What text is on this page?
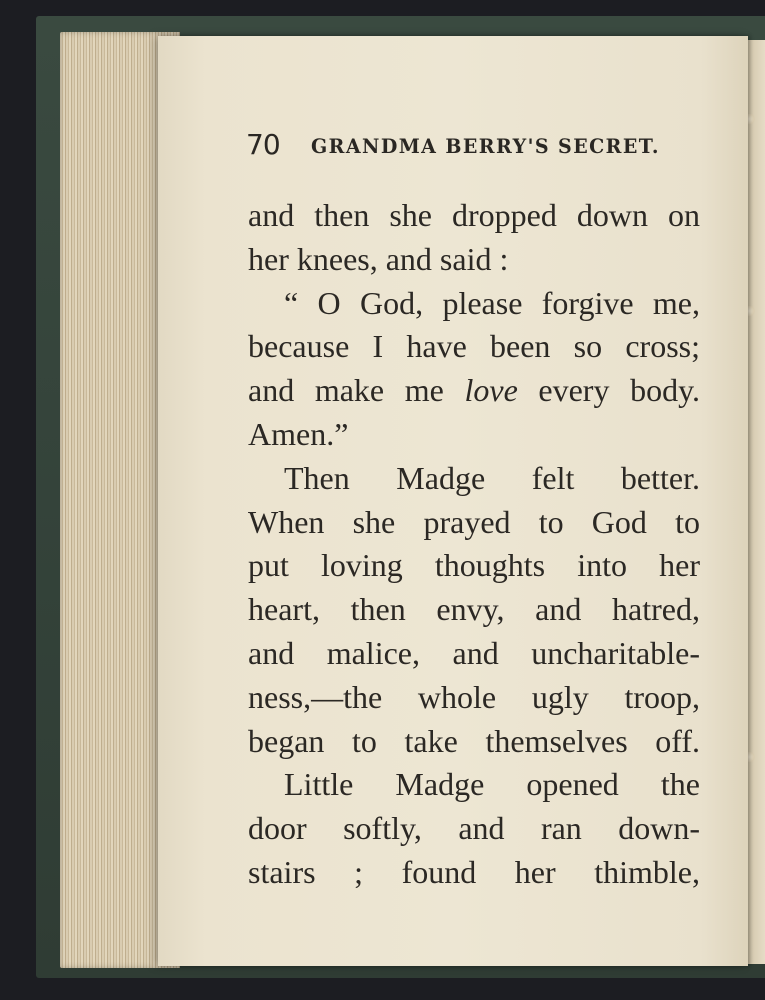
70 GRANDMA BERRY'S SECRET.
and then she dropped down on
her knees, and said :
“ O God, please forgive me,
because I have been so cross;
and make me love every body.
Amen.”
Then Madge felt better.
When she prayed to God to
put loving thoughts into her
heart, then envy, and hatred,
and malice, and uncharitable-
ness,—the whole ugly troop,
began to take themselves off.
Little Madge opened the
door softly, and ran down-
stairs ; found her thimble,
